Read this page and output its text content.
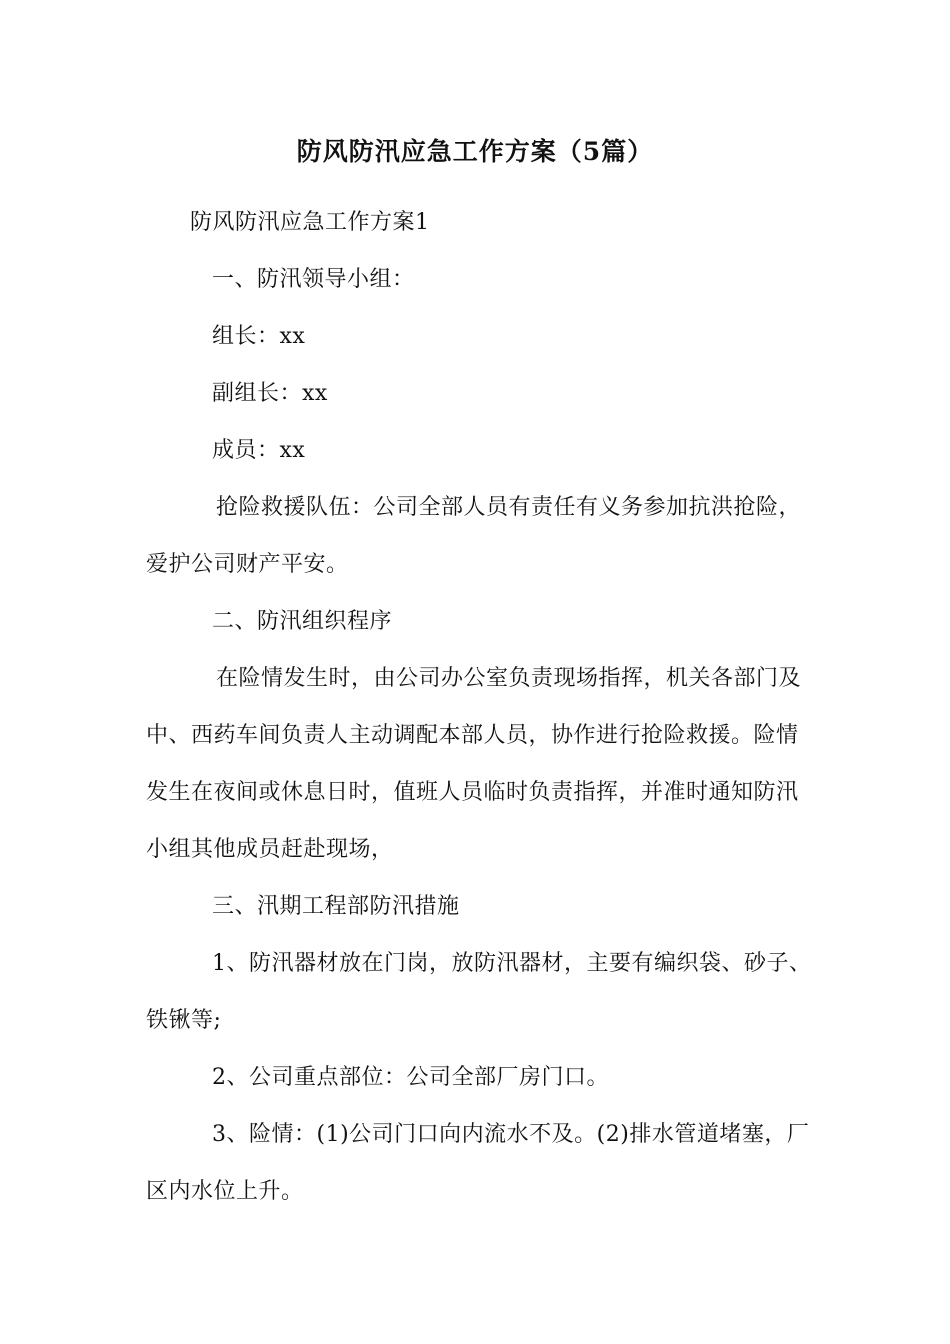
防风防汛应急工作方案（5篇）
防风防汛应急工作方案1
一、防汛领导小组：
组长：xx
副组长：xx
成员：xx
抢险救援队伍：公司全部人员有责任有义务参加抗洪抢险，
爱护公司财产平安。
二、防汛组织程序
在险情发生时，由公司办公室负责现场指挥，机关各部门及
中、西药车间负责人主动调配本部人员，协作进行抢险救援。险情
发生在夜间或休息日时，值班人员临时负责指挥，并准时通知防汛
小组其他成员赶赴现场，
三、汛期工程部防汛措施
1、防汛器材放在门岗，放防汛器材，主要有编织袋、砂子、
铁锹等;
2、公司重点部位：公司全部厂房门口。
3、险情：(1)公司门口向内流水不及。(2)排水管道堵塞，厂
区内水位上升。
